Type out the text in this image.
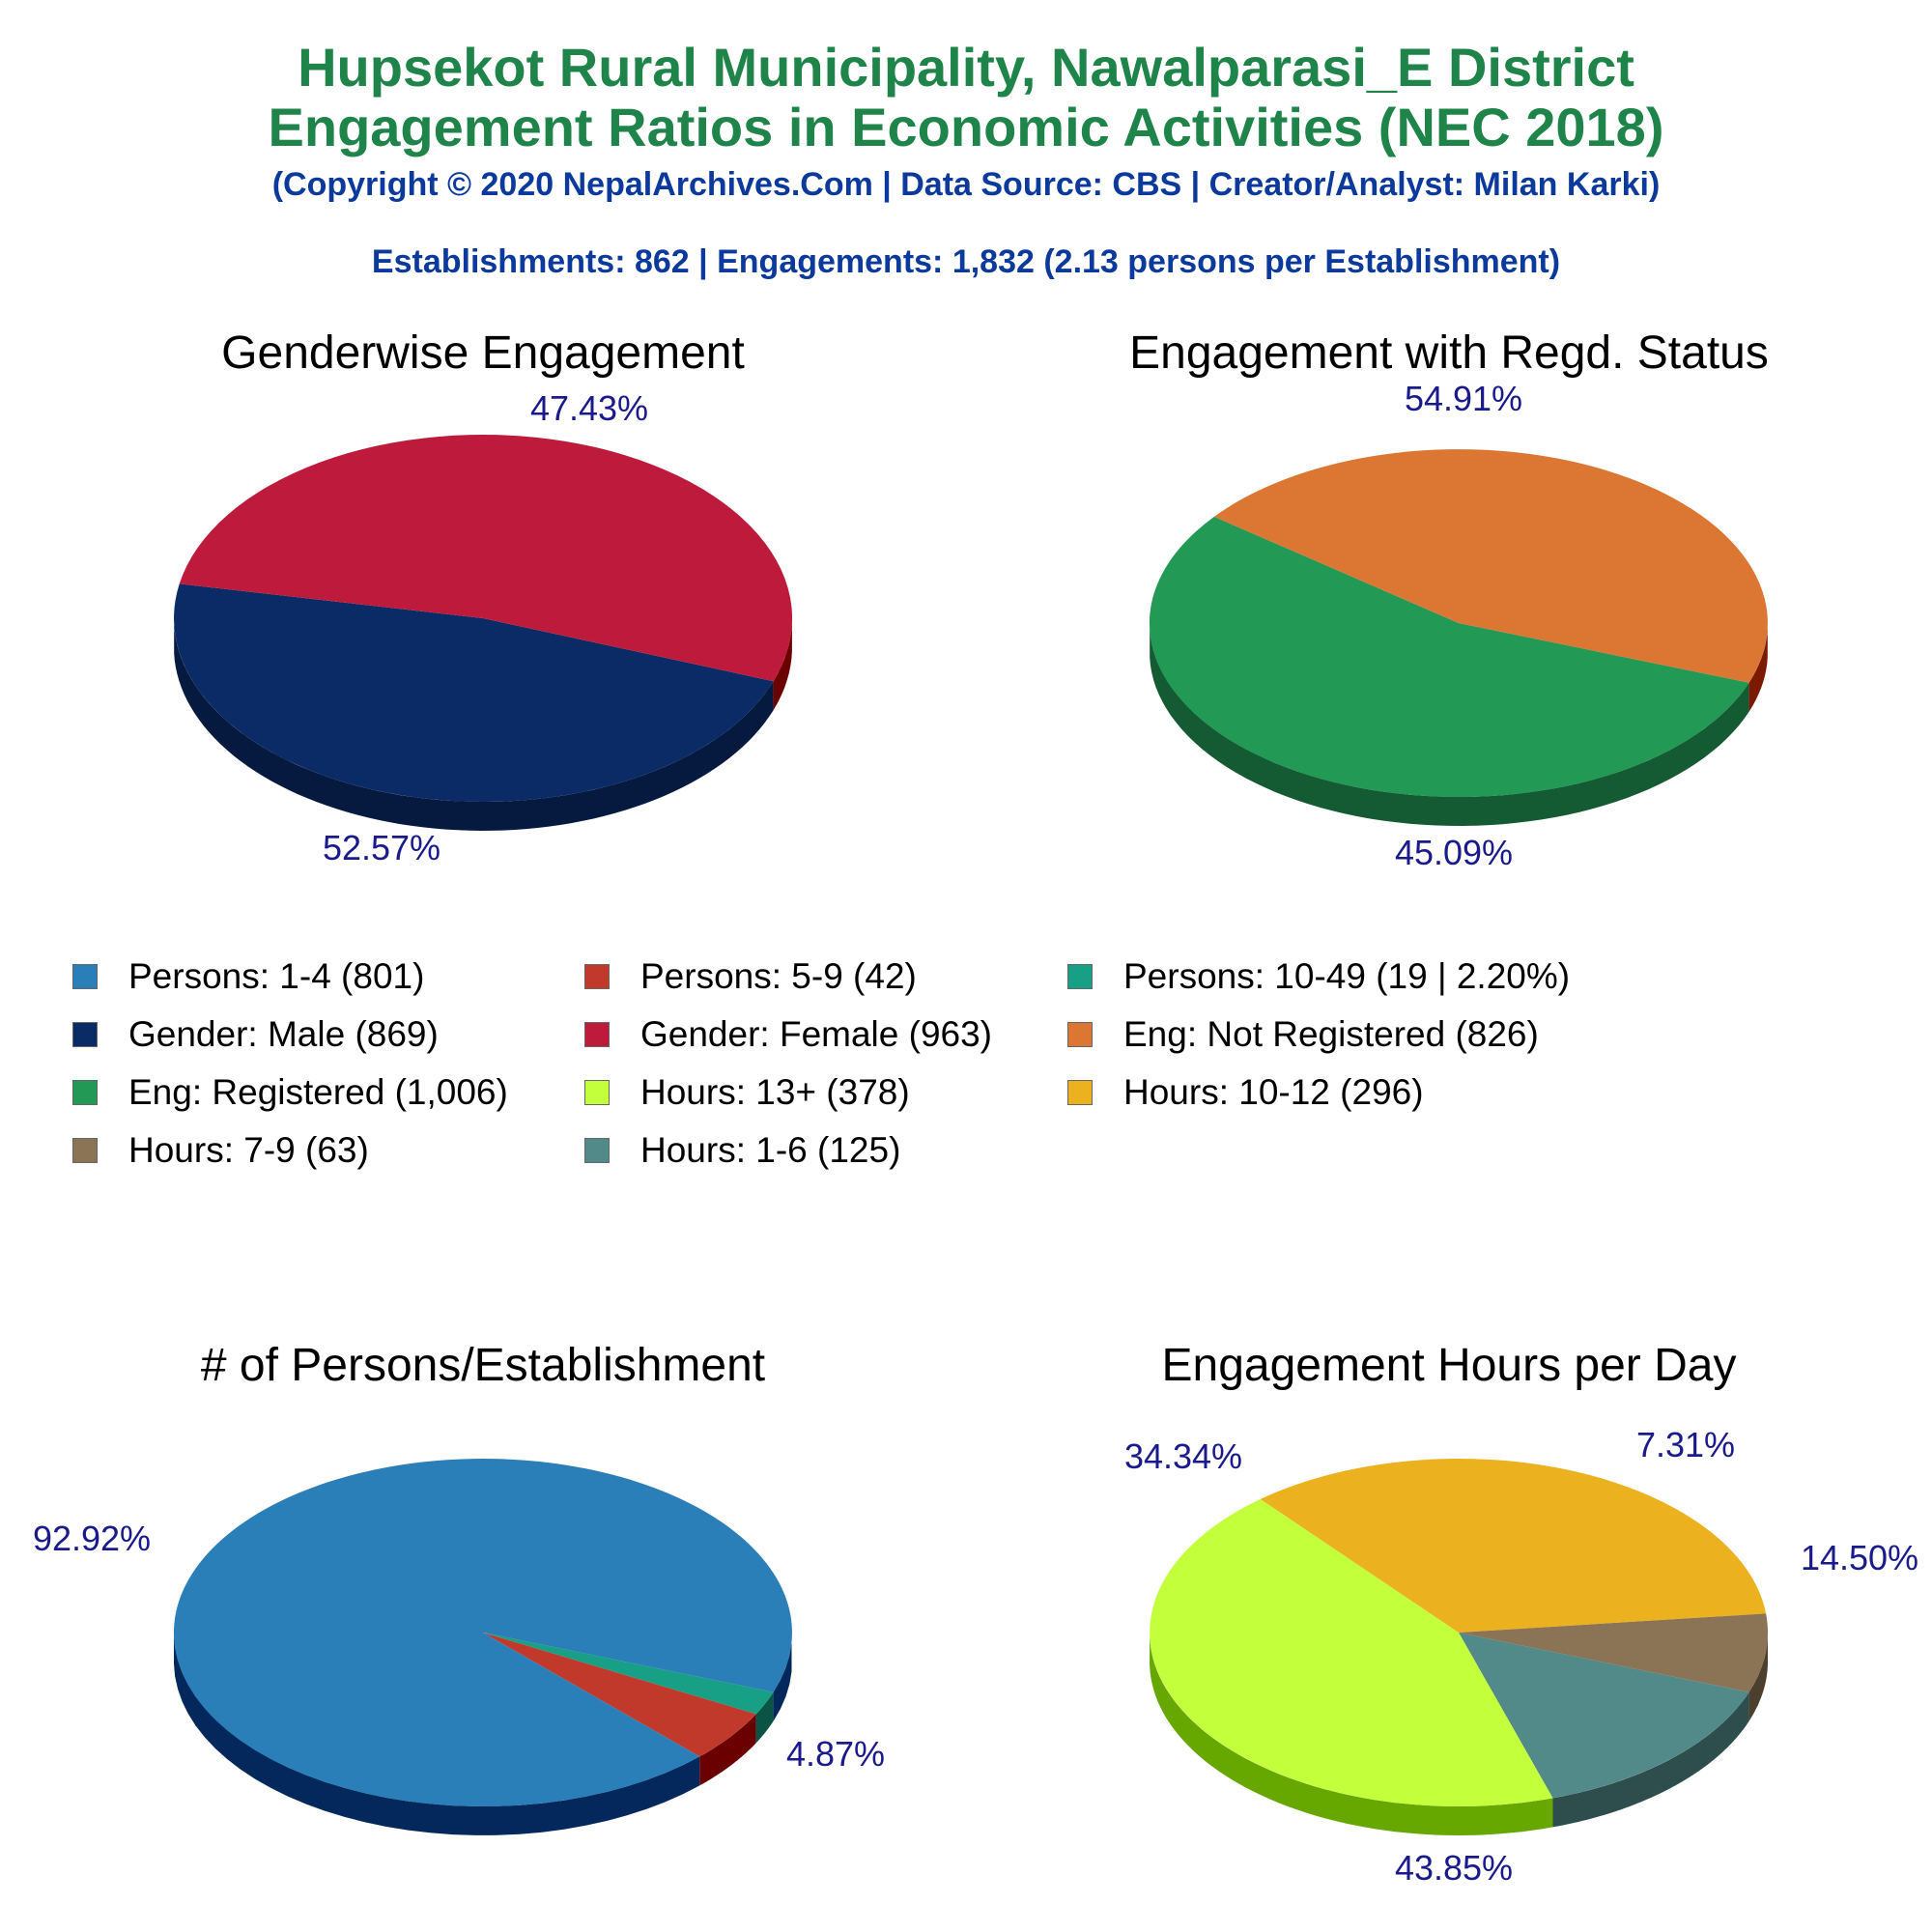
Hupsekot Rural Municipality, Nawalparasi_E District
Engagement Ratios in Economic Activities (NEC 2018)
(Copyright © 2020 NepalArchives.Com | Data Source: CBS | Creator/Analyst: Milan Karki)
Establishments: 862 | Engagements: 1,832 (2.13 persons per Establishment)
Genderwise Engagement	Engagement with Regd. Status
# of Persons/Establishment	Engagement Hours per Day
47.43%
52.57%
54.91%
45.09%
4.87%
92.92%	14.50%
43.85%
34.34%	7.31%
Persons: 1-4 (801)	Persons: 5-9 (42)	Persons: 10-49 (19 | 2.20%)
Gender: Male (869)	Gender: Female (963)	Eng: Not Registered (826)
Eng: Registered (1,006)	Hours: 13+ (378)	Hours: 10-12 (296)
Hours: 7-9 (63)	Hours: 1-6 (125)
